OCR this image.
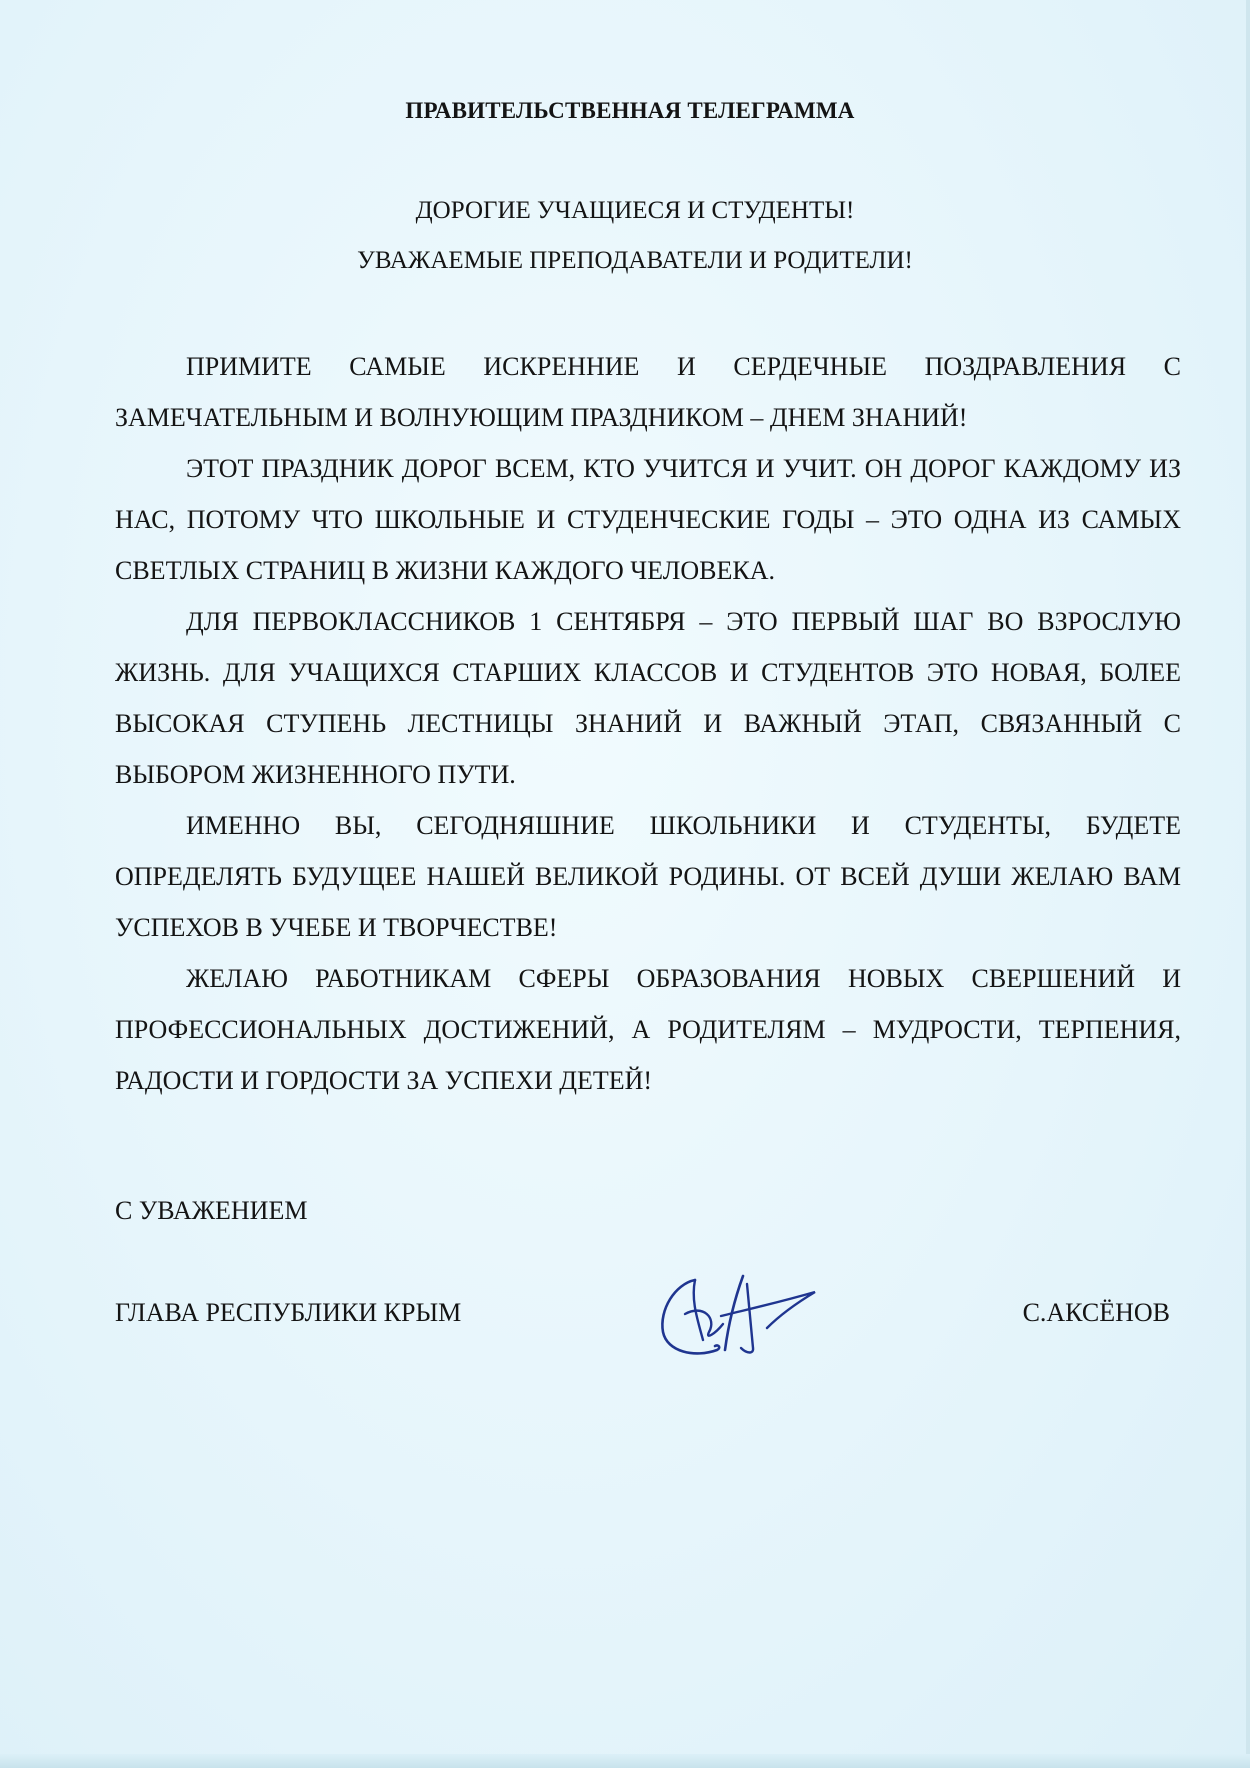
ПРАВИТЕЛЬСТВЕННАЯ ТЕЛЕГРАММА
ДОРОГИЕ УЧАЩИЕСЯ И СТУДЕНТЫ!
УВАЖАЕМЫЕ ПРЕПОДАВАТЕЛИ И РОДИТЕЛИ!

ПРИМИТЕ САМЫЕ ИСКРЕННИЕ И СЕРДЕЧНЫЕ ПОЗДРАВЛЕНИЯ С ЗАМЕЧАТЕЛЬНЫМ И ВОЛНУЮЩИМ ПРАЗДНИКОМ – ДНЕМ ЗНАНИЙ!

ЭТОТ ПРАЗДНИК ДОРОГ ВСЕМ, КТО УЧИТСЯ И УЧИТ. ОН ДОРОГ КАЖДОМУ ИЗ НАС, ПОТОМУ ЧТО ШКОЛЬНЫЕ И СТУДЕНЧЕСКИЕ ГОДЫ – ЭТО ОДНА ИЗ САМЫХ СВЕТЛЫХ СТРАНИЦ В ЖИЗНИ КАЖДОГО ЧЕЛОВЕКА.

ДЛЯ ПЕРВОКЛАССНИКОВ 1 СЕНТЯБРЯ – ЭТО ПЕРВЫЙ ШАГ ВО ВЗРОСЛУЮ ЖИЗНЬ. ДЛЯ УЧАЩИХСЯ СТАРШИХ КЛАССОВ И СТУДЕНТОВ ЭТО НОВАЯ, БОЛЕЕ ВЫСОКАЯ СТУПЕНЬ ЛЕСТНИЦЫ ЗНАНИЙ И ВАЖНЫЙ ЭТАП, СВЯЗАННЫЙ С ВЫБОРОМ ЖИЗНЕННОГО ПУТИ.

ИМЕННО ВЫ, СЕГОДНЯШНИЕ ШКОЛЬНИКИ И СТУДЕНТЫ, БУДЕТЕ ОПРЕДЕЛЯТЬ БУДУЩЕЕ НАШЕЙ ВЕЛИКОЙ РОДИНЫ. ОТ ВСЕЙ ДУШИ ЖЕЛАЮ ВАМ УСПЕХОВ В УЧЕБЕ И ТВОРЧЕСТВЕ!

ЖЕЛАЮ РАБОТНИКАМ СФЕРЫ ОБРАЗОВАНИЯ НОВЫХ СВЕРШЕНИЙ И ПРОФЕССИОНАЛЬНЫХ ДОСТИЖЕНИЙ, А РОДИТЕЛЯМ – МУДРОСТИ, ТЕРПЕНИЯ, РАДОСТИ И ГОРДОСТИ ЗА УСПЕХИ ДЕТЕЙ!

С УВАЖЕНИЕМ
ГЛАВА РЕСПУБЛИКИ КРЫМ	С.АКСЁНОВ
